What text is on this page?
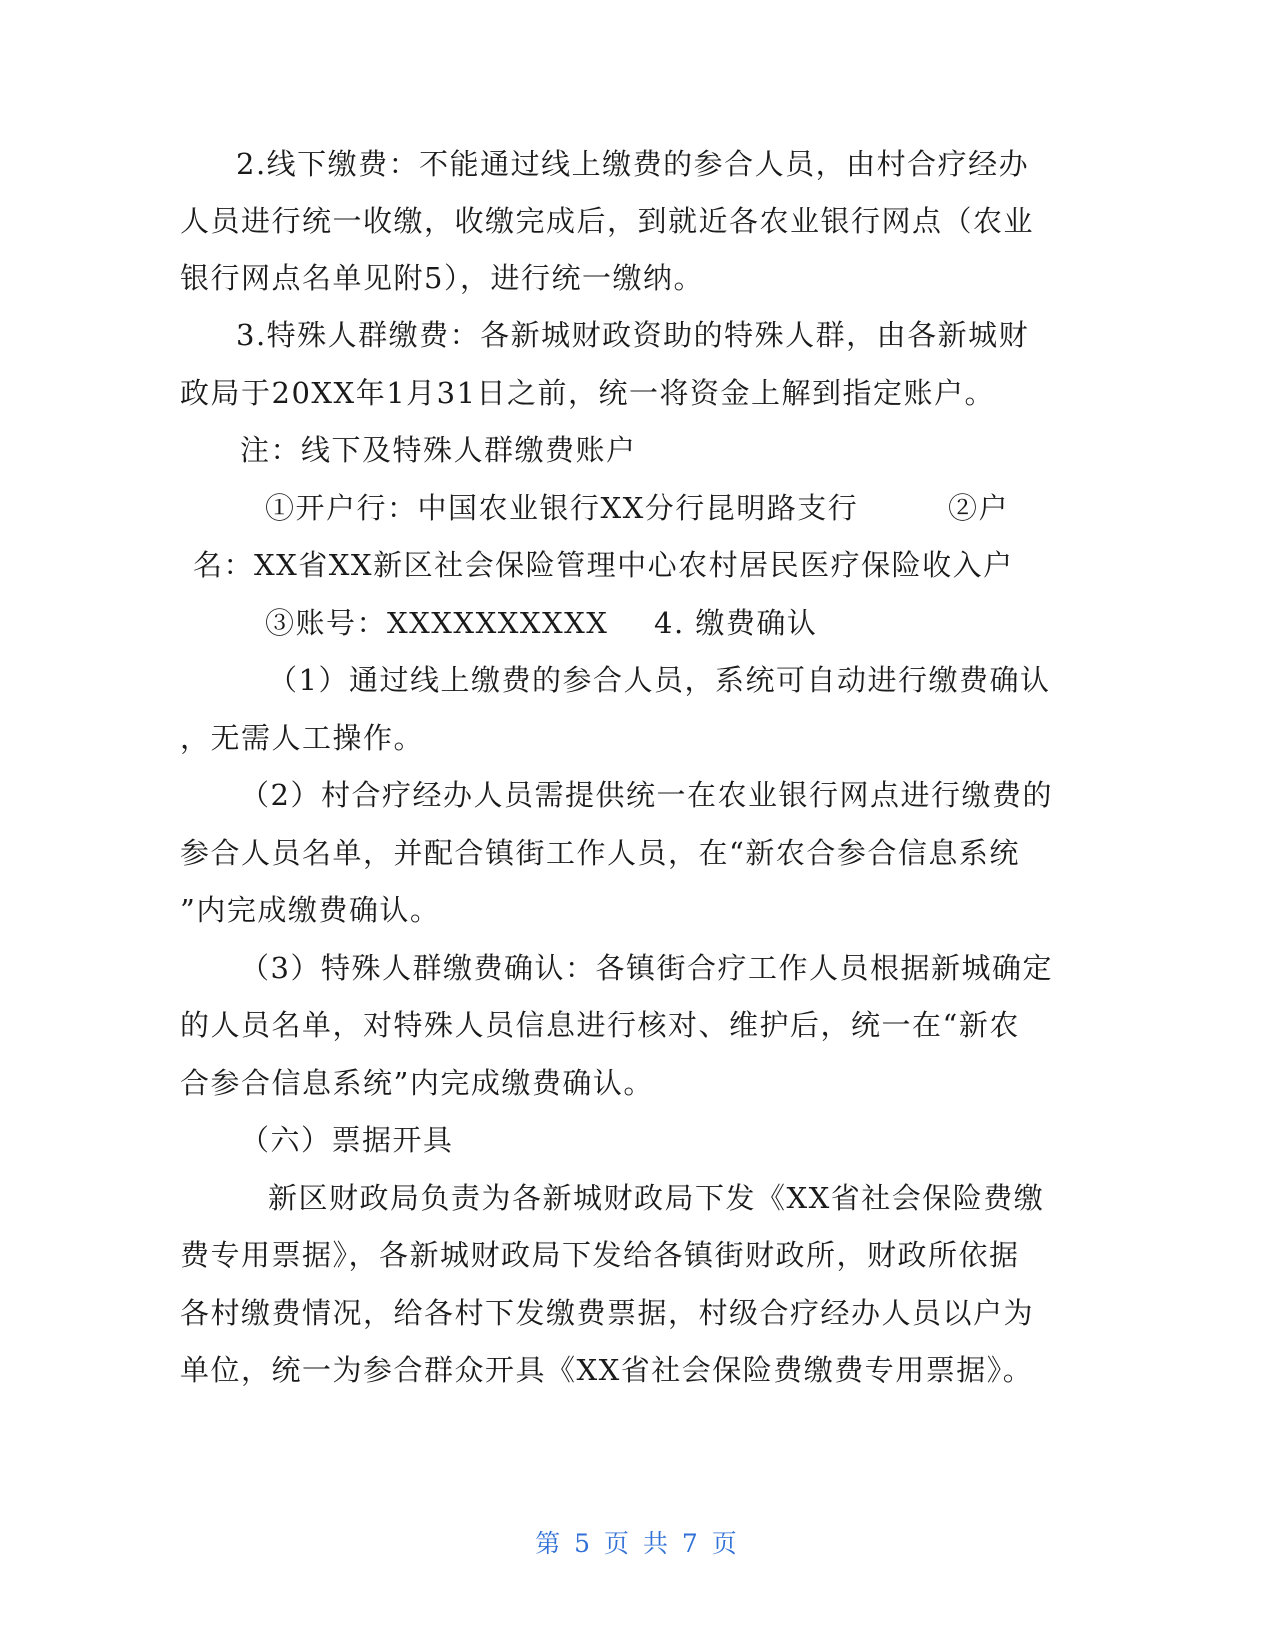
2.线下缴费：不能通过线上缴费的参合人员，由村合疗经办
人员进行统一收缴，收缴完成后，到就近各农业银行网点（农业
银行网点名单见附5），进行统一缴纳。
3.特殊人群缴费：各新城财政资助的特殊人群，由各新城财
政局于20XX年1月31日之前，统一将资金上解到指定账户。
注：线下及特殊人群缴费账户
①开户行：中国农业银行XX分行昆明路支行	②户
名：XX省XX新区社会保险管理中心农村居民医疗保险收入户
③账号：XXXXXXXXXX 4. 缴费确认
（1）通过线上缴费的参合人员，系统可自动进行缴费确认
，无需人工操作。
（2）村合疗经办人员需提供统一在农业银行网点进行缴费的
参合人员名单，并配合镇街工作人员，在“新农合参合信息系统
”内完成缴费确认。
（3）特殊人群缴费确认：各镇街合疗工作人员根据新城确定
的人员名单，对特殊人员信息进行核对、维护后，统一在“新农
合参合信息系统”内完成缴费确认。
（六）票据开具
新区财政局负责为各新城财政局下发《XX省社会保险费缴
费专用票据》，各新城财政局下发给各镇街财政所，财政所依据
各村缴费情况，给各村下发缴费票据，村级合疗经办人员以户为
单位，统一为参合群众开具《XX省社会保险费缴费专用票据》。
第 5 页 共 7 页
